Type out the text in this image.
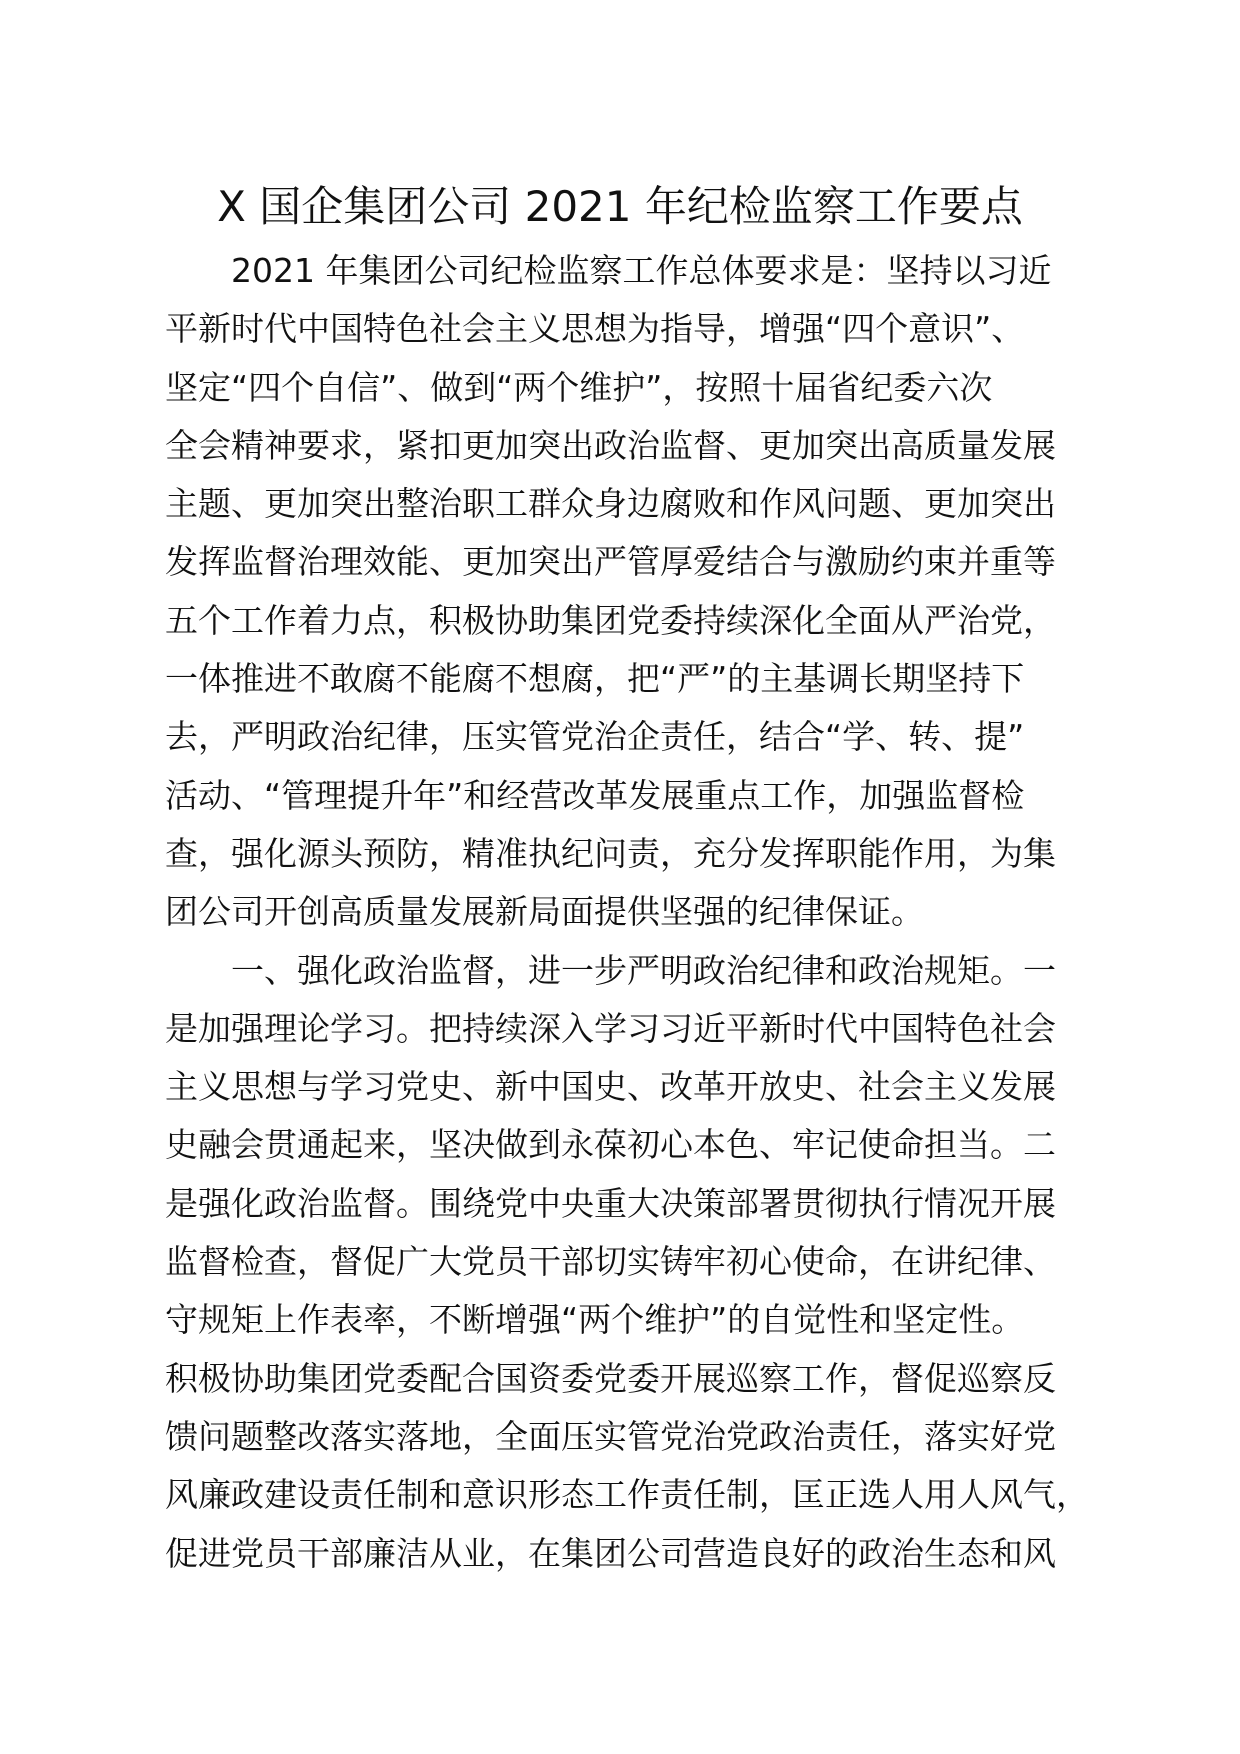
X 国企集团公司 2021 年纪检监察工作要点
2021 年集团公司纪检监察工作总体要求是：坚持以习近
平新时代中国特色社会主义思想为指导，增强“四个意识”、
坚定“四个自信”、做到“两个维护”，按照十届省纪委六次
全会精神要求，紧扣更加突出政治监督、更加突出高质量发展
主题、更加突出整治职工群众身边腐败和作风问题、更加突出
发挥监督治理效能、更加突出严管厚爱结合与激励约束并重等
五个工作着力点，积极协助集团党委持续深化全面从严治党，
一体推进不敢腐不能腐不想腐，把“严”的主基调长期坚持下
去，严明政治纪律，压实管党治企责任，结合“学、转、提”
活动、“管理提升年”和经营改革发展重点工作，加强监督检
查，强化源头预防，精准执纪问责，充分发挥职能作用，为集
团公司开创高质量发展新局面提供坚强的纪律保证。
一、强化政治监督，进一步严明政治纪律和政治规矩。一
是加强理论学习。把持续深入学习习近平新时代中国特色社会
主义思想与学习党史、新中国史、改革开放史、社会主义发展
史融会贯通起来，坚决做到永葆初心本色、牢记使命担当。二
是强化政治监督。围绕党中央重大决策部署贯彻执行情况开展
监督检查，督促广大党员干部切实铸牢初心使命，在讲纪律、
守规矩上作表率，不断增强“两个维护”的自觉性和坚定性。
积极协助集团党委配合国资委党委开展巡察工作，督促巡察反
馈问题整改落实落地，全面压实管党治党政治责任，落实好党
风廉政建设责任制和意识形态工作责任制，匡正选人用人风气，
促进党员干部廉洁从业，在集团公司营造良好的政治生态和风
